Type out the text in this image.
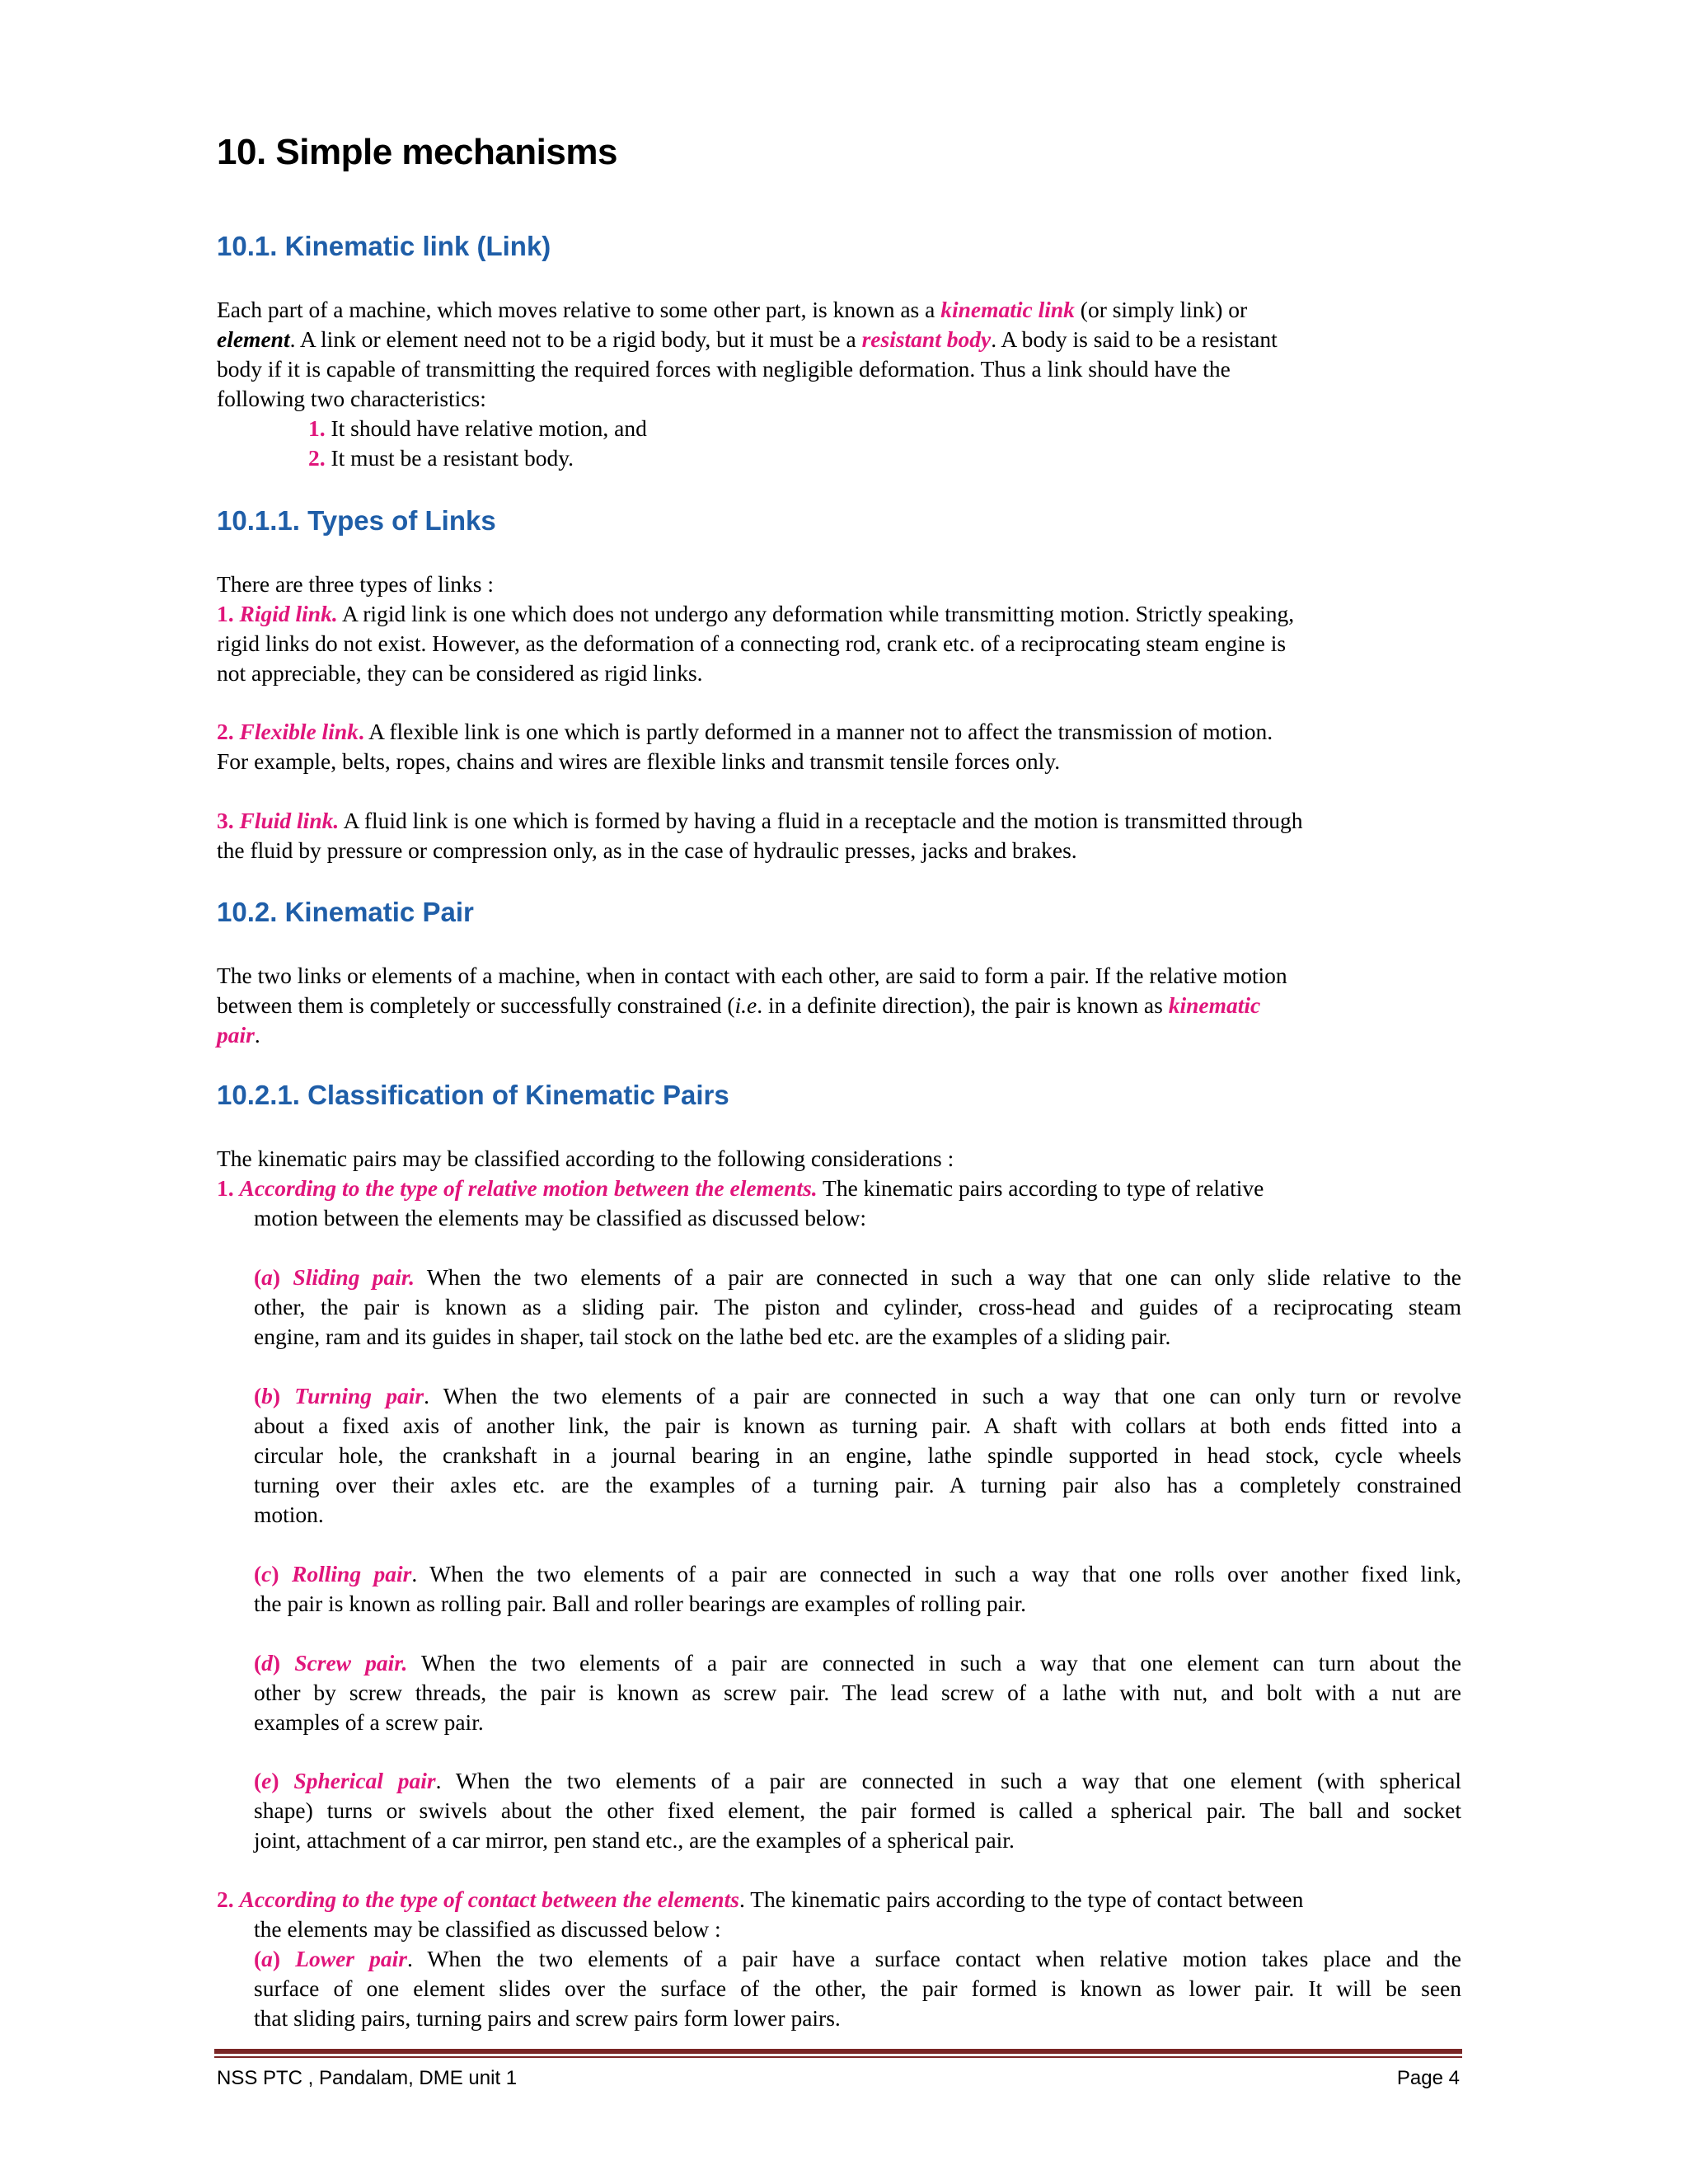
10. Simple mechanisms
10.1. Kinematic link (Link)
Each part of a machine, which moves relative to some other part, is known as a kinematic link (or simply link) or
element. A link or element need not to be a rigid body, but it must be a resistant body. A body is said to be a resistant
body if it is capable of transmitting the required forces with negligible deformation. Thus a link should have the
following two characteristics:
1. It should have relative motion, and
2. It must be a resistant body.
10.1.1. Types of Links
There are three types of links :
1. Rigid link. A rigid link is one which does not undergo any deformation while transmitting motion. Strictly speaking,
rigid links do not exist. However, as the deformation of a connecting rod, crank etc. of a reciprocating steam engine is
not appreciable, they can be considered as rigid links.
2. Flexible link. A flexible link is one which is partly deformed in a manner not to affect the transmission of motion.
For example, belts, ropes, chains and wires are flexible links and transmit tensile forces only.
3. Fluid link. A fluid link is one which is formed by having a fluid in a receptacle and the motion is transmitted through
the fluid by pressure or compression only, as in the case of hydraulic presses, jacks and brakes.
10.2. Kinematic Pair
The two links or elements of a machine, when in contact with each other, are said to form a pair. If the relative motion
between them is completely or successfully constrained (i.e. in a definite direction), the pair is known as kinematic
pair.
10.2.1. Classification of Kinematic Pairs
The kinematic pairs may be classified according to the following considerations :
1. According to the type of relative motion between the elements. The kinematic pairs according to type of relative
motion between the elements may be classified as discussed below:
(a) Sliding pair. When the two elements of a pair are connected in such a way that one can only slide relative to the
other, the pair is known as a sliding pair. The piston and cylinder, cross-head and guides of a reciprocating steam
engine, ram and its guides in shaper, tail stock on the lathe bed etc. are the examples of a sliding pair.
(b) Turning pair. When the two elements of a pair are connected in such a way that one can only turn or revolve
about a fixed axis of another link, the pair is known as turning pair. A shaft with collars at both ends fitted into a
circular hole, the crankshaft in a journal bearing in an engine, lathe spindle supported in head stock, cycle wheels
turning over their axles etc. are the examples of a turning pair. A turning pair also has a completely constrained
motion.
(c) Rolling pair. When the two elements of a pair are connected in such a way that one rolls over another fixed link,
the pair is known as rolling pair. Ball and roller bearings are examples of rolling pair.
(d) Screw pair. When the two elements of a pair are connected in such a way that one element can turn about the
other by screw threads, the pair is known as screw pair. The lead screw of a lathe with nut, and bolt with a nut are
examples of a screw pair.
(e) Spherical pair. When the two elements of a pair are connected in such a way that one element (with spherical
shape) turns or swivels about the other fixed element, the pair formed is called a spherical pair. The ball and socket
joint, attachment of a car mirror, pen stand etc., are the examples of a spherical pair.
2. According to the type of contact between the elements. The kinematic pairs according to the type of contact between
the elements may be classified as discussed below :
(a) Lower pair. When the two elements of a pair have a surface contact when relative motion takes place and the
surface of one element slides over the surface of the other, the pair formed is known as lower pair. It will be seen
that sliding pairs, turning pairs and screw pairs form lower pairs.
NSS PTC , Pandalam, DME unit 1	Page 4
